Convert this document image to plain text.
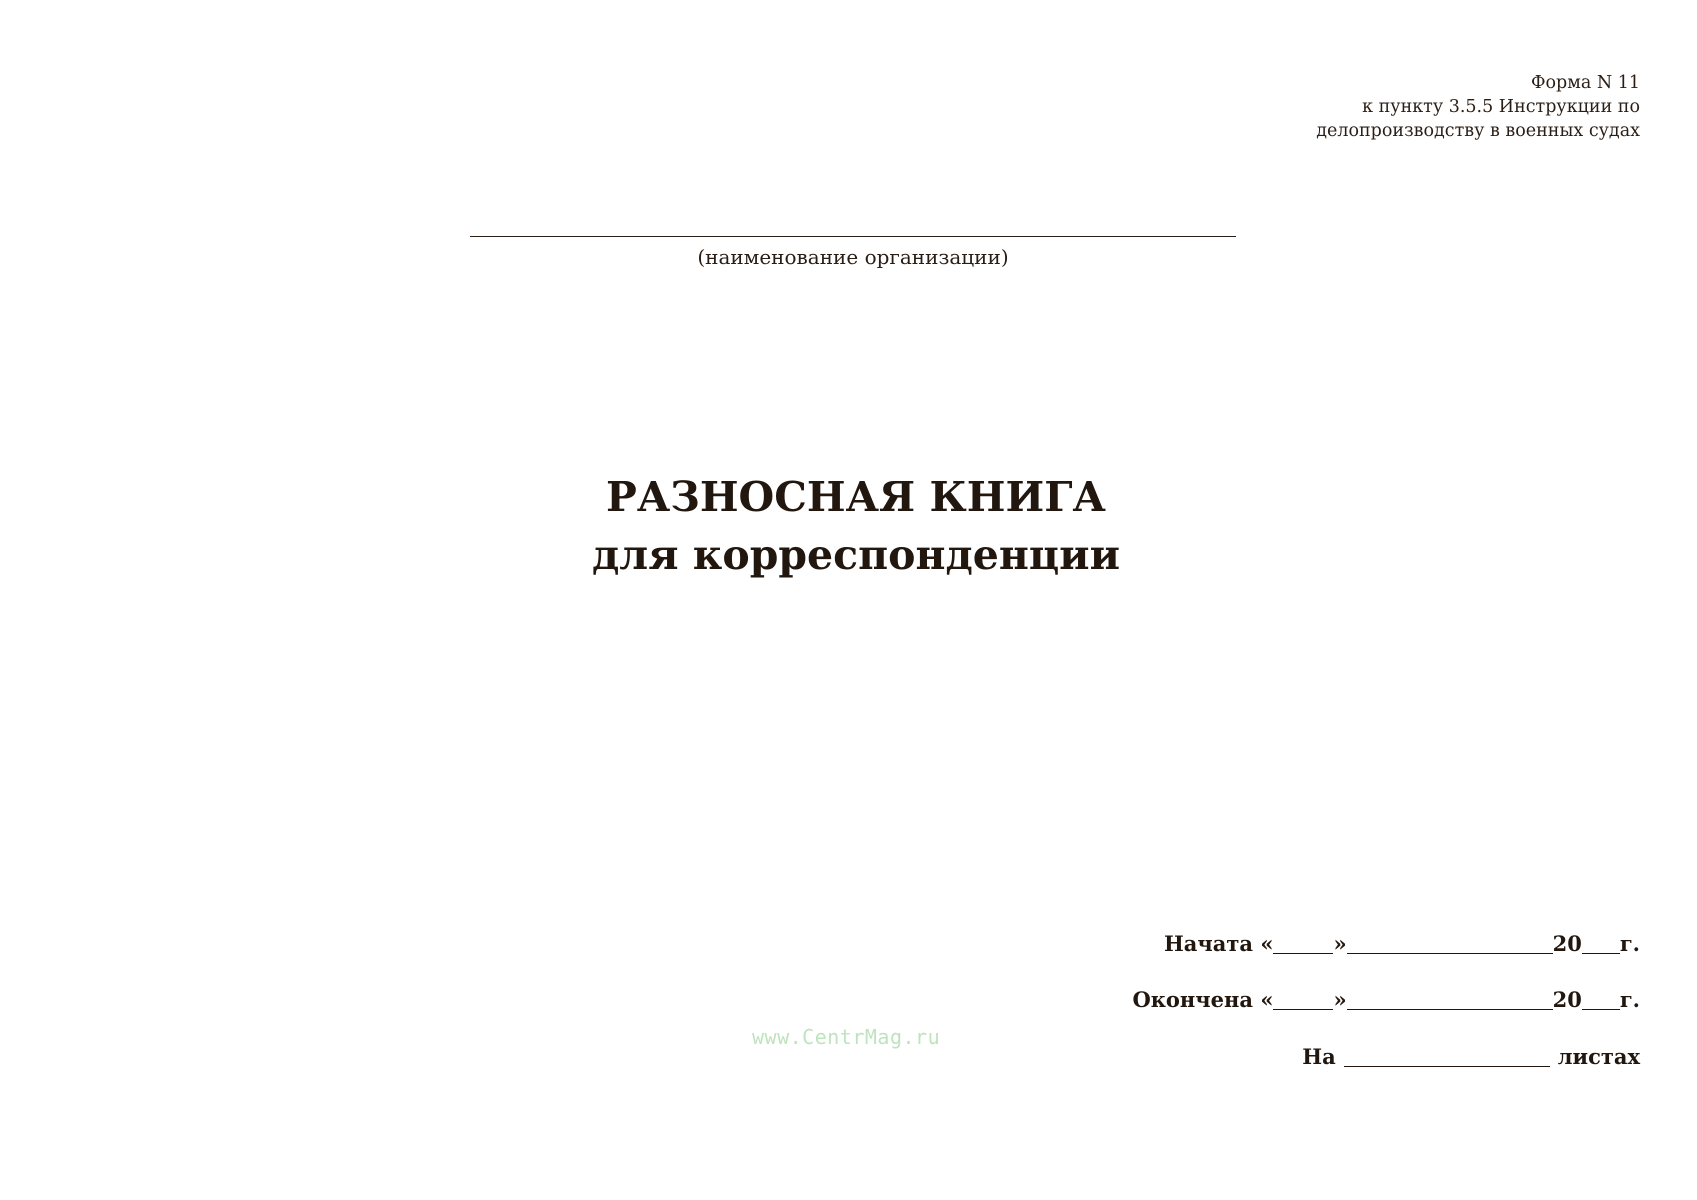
Форма N 11
к пункту 3.5.5 Инструкции по
делопроизводству в военных судах
(наименование организации)
РАЗНОСНАЯ КНИГА
для корреспонденции
Начата «	»	20 г.
Окончена «	»	20 г.
На	листах
www.CentrMag.ru
